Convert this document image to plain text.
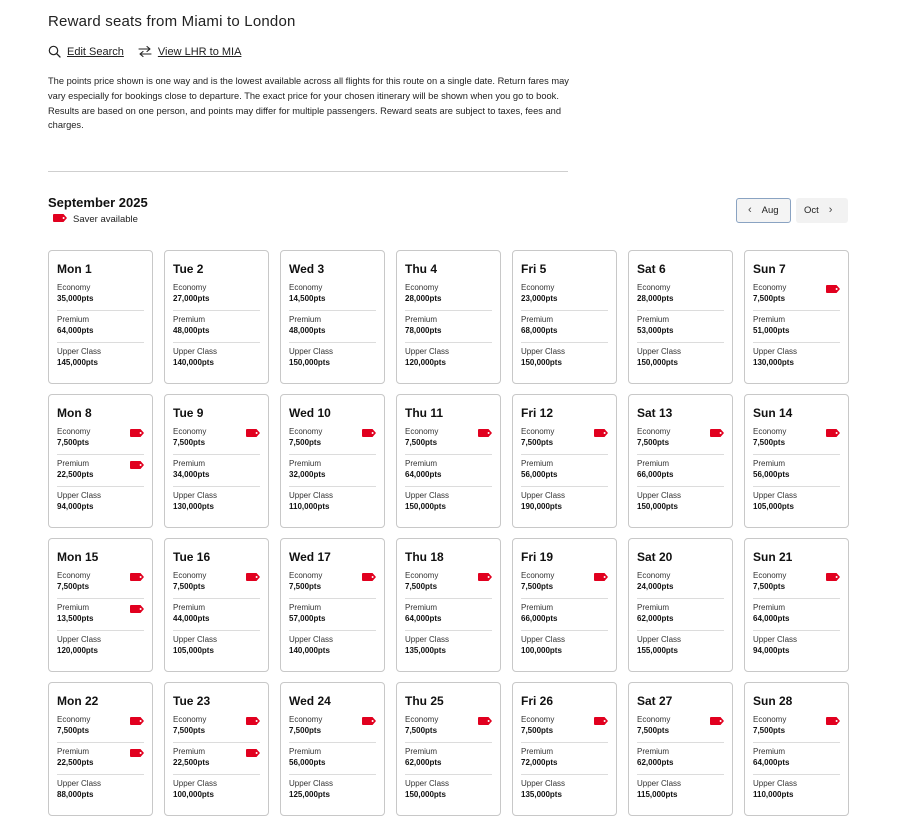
Reward seats from Miami to London
Edit Search	View LHR to MIA
The points price shown is one way and is the lowest available across all flights for this route on a single date. Return fares may vary especially for bookings close to departure. The exact price for your chosen itinerary will be shown when you go to book. Results are based on one person, and points may differ for multiple passengers. Reward seats are subject to taxes, fees and charges.
September 2025
Saver available
‹ Aug	Oct ›
Mon 1
Economy
35,000pts
Premium
64,000pts
Upper Class
145,000pts
Tue 2
Economy
27,000pts
Premium
48,000pts
Upper Class
140,000pts
Wed 3
Economy
14,500pts
Premium
48,000pts
Upper Class
150,000pts
Thu 4
Economy
28,000pts
Premium
78,000pts
Upper Class
120,000pts
Fri 5
Economy
23,000pts
Premium
68,000pts
Upper Class
150,000pts
Sat 6
Economy
28,000pts
Premium
53,000pts
Upper Class
150,000pts
Sun 7
Economy
7,500pts
Premium
51,000pts
Upper Class
130,000pts
Mon 8
Economy
7,500pts
Premium
22,500pts
Upper Class
94,000pts
Tue 9
Economy
7,500pts
Premium
34,000pts
Upper Class
130,000pts
Wed 10
Economy
7,500pts
Premium
32,000pts
Upper Class
110,000pts
Thu 11
Economy
7,500pts
Premium
64,000pts
Upper Class
150,000pts
Fri 12
Economy
7,500pts
Premium
56,000pts
Upper Class
190,000pts
Sat 13
Economy
7,500pts
Premium
66,000pts
Upper Class
150,000pts
Sun 14
Economy
7,500pts
Premium
56,000pts
Upper Class
105,000pts
Mon 15
Economy
7,500pts
Premium
13,500pts
Upper Class
120,000pts
Tue 16
Economy
7,500pts
Premium
44,000pts
Upper Class
105,000pts
Wed 17
Economy
7,500pts
Premium
57,000pts
Upper Class
140,000pts
Thu 18
Economy
7,500pts
Premium
64,000pts
Upper Class
135,000pts
Fri 19
Economy
7,500pts
Premium
66,000pts
Upper Class
100,000pts
Sat 20
Economy
24,000pts
Premium
62,000pts
Upper Class
155,000pts
Sun 21
Economy
7,500pts
Premium
64,000pts
Upper Class
94,000pts
Mon 22
Economy
7,500pts
Premium
22,500pts
Upper Class
88,000pts
Tue 23
Economy
7,500pts
Premium
22,500pts
Upper Class
100,000pts
Wed 24
Economy
7,500pts
Premium
56,000pts
Upper Class
125,000pts
Thu 25
Economy
7,500pts
Premium
62,000pts
Upper Class
150,000pts
Fri 26
Economy
7,500pts
Premium
72,000pts
Upper Class
135,000pts
Sat 27
Economy
7,500pts
Premium
62,000pts
Upper Class
115,000pts
Sun 28
Economy
7,500pts
Premium
64,000pts
Upper Class
110,000pts
